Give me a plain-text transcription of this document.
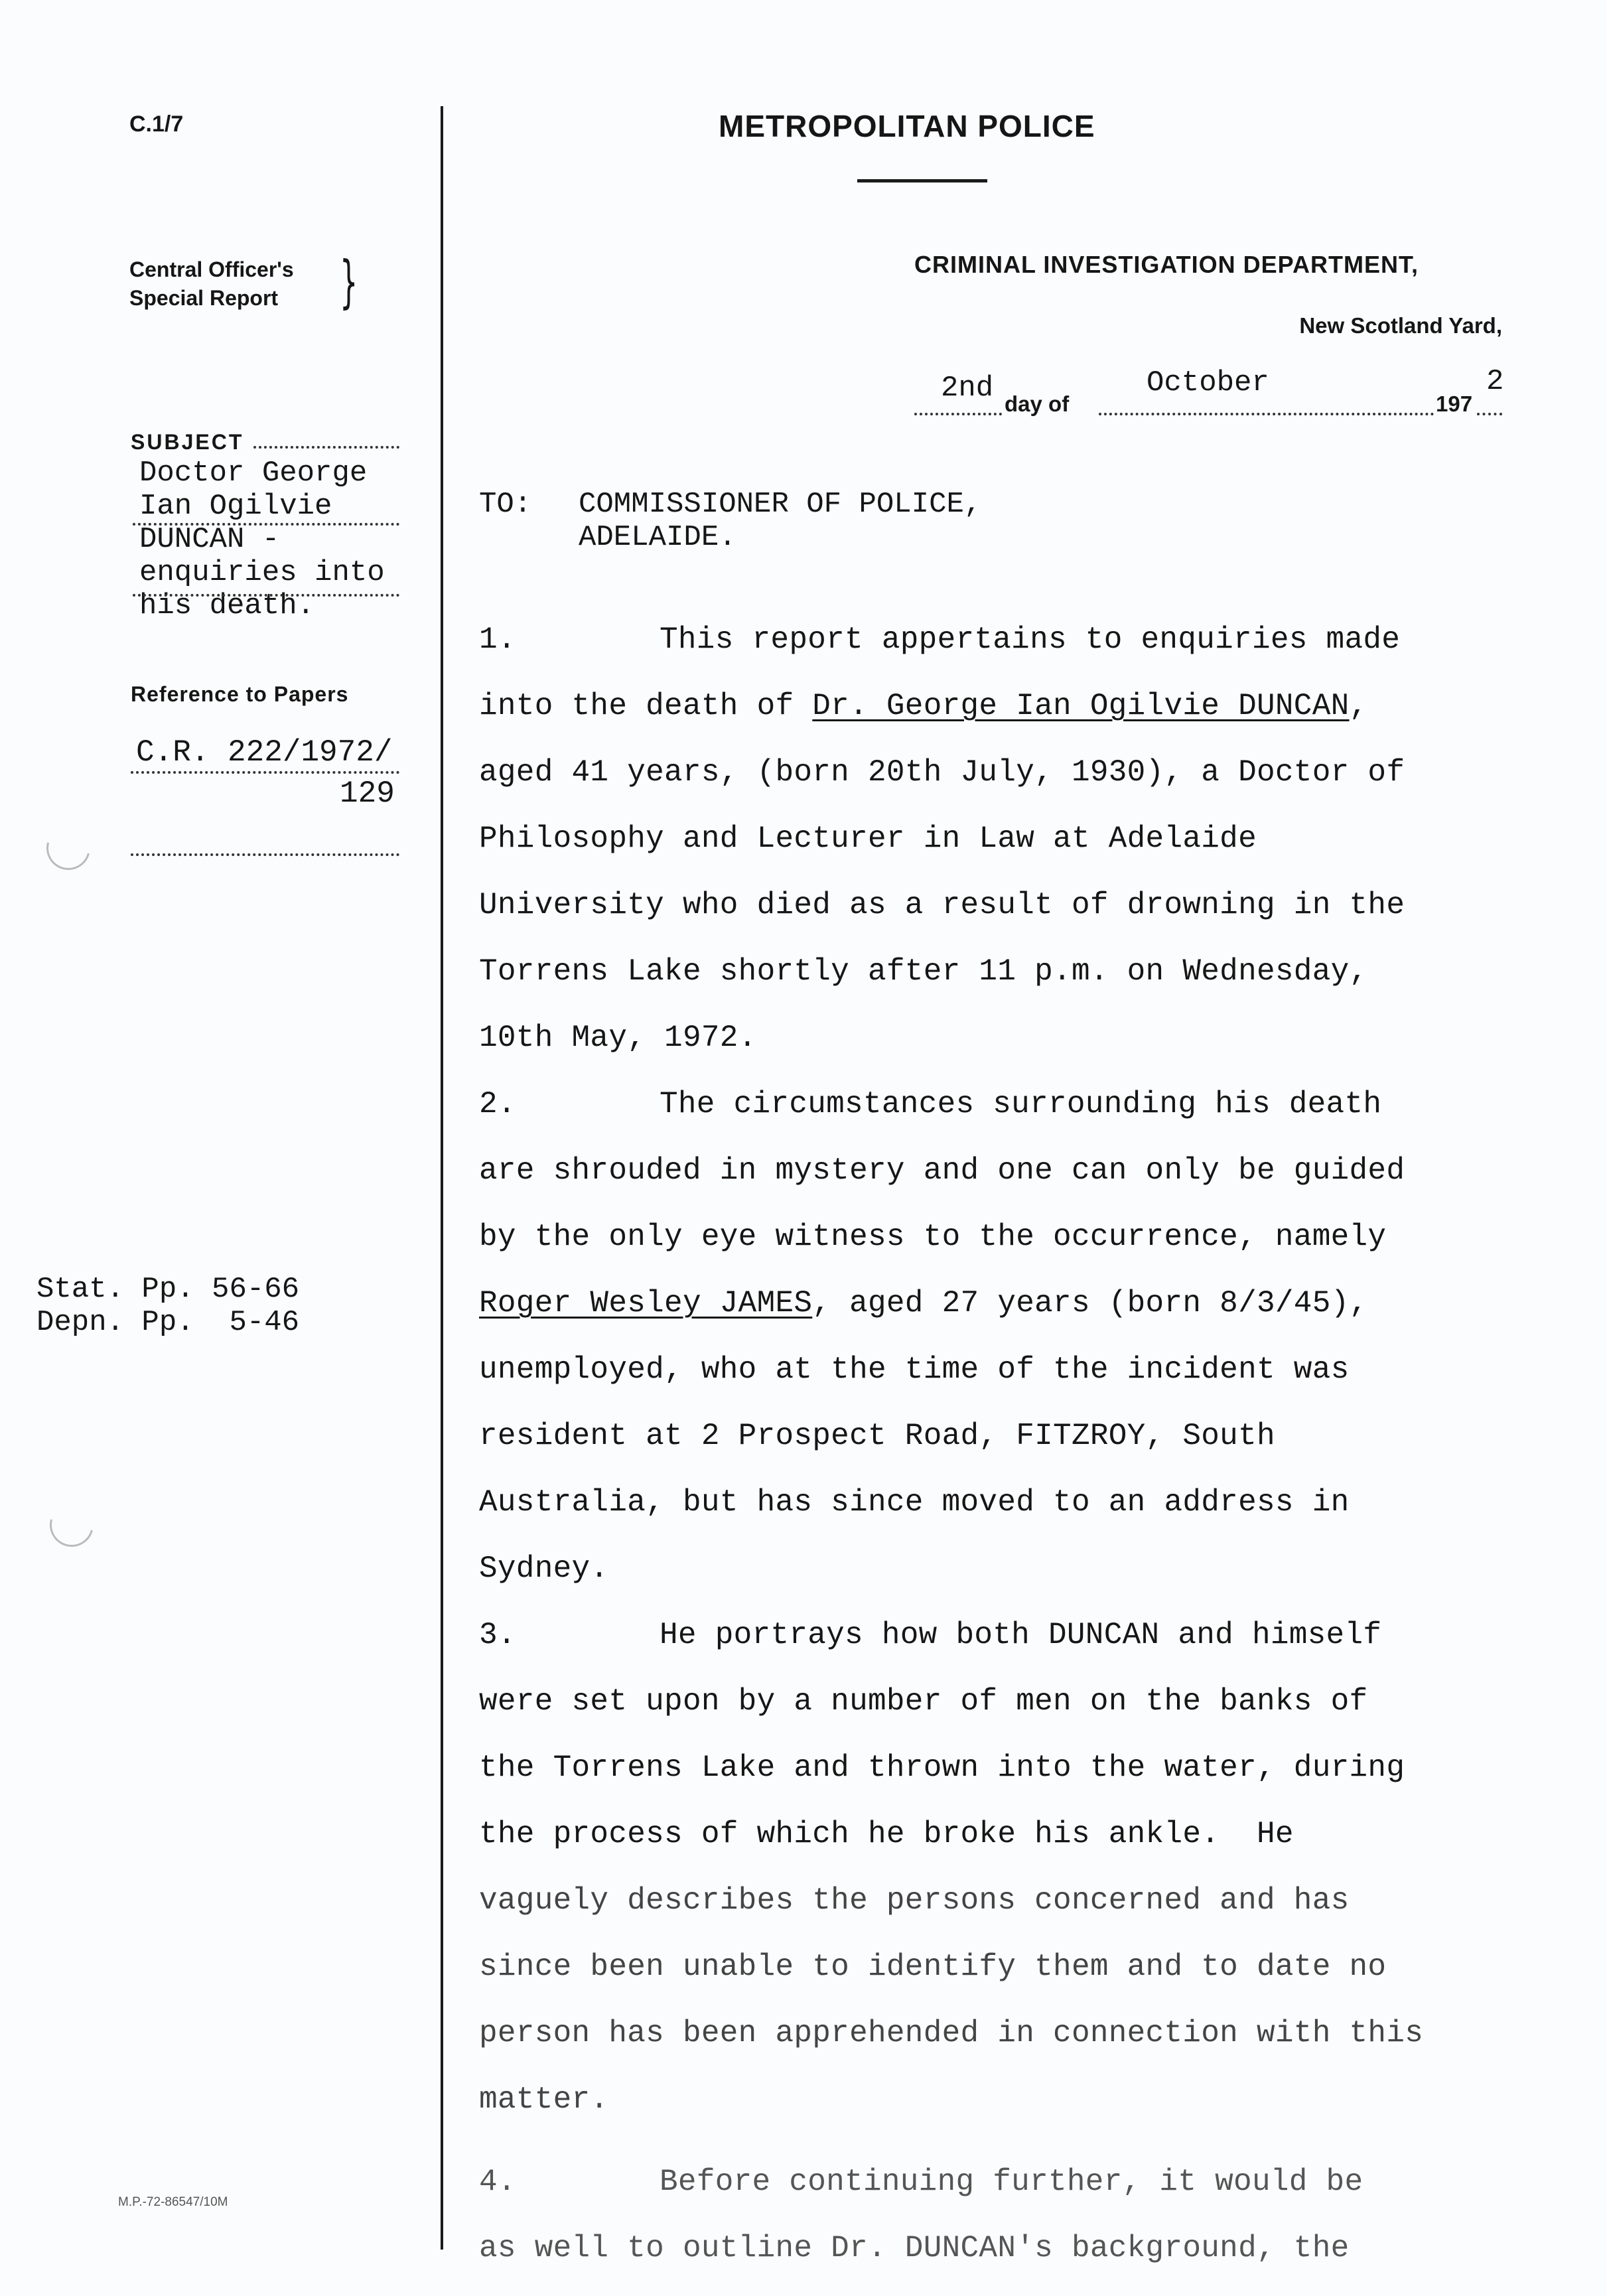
C.1/7	METROPOLITAN POLICE
Central Officer's
Special Report }	CRIMINAL INVESTIGATION DEPARTMENT,
New Scotland Yard,
2nd day of
October
197
2
SUBJECT
Doctor George
Ian Ogilvie
DUNCAN -
enquiries into
his death.
Reference to Papers
C.R. 222/1972/
129
Stat. Pp. 56-66
Depn. Pp.  5-46
M.P.-72-86547/10M
TO: COMMISSIONER OF POLICE,
ADELAIDE.
1.	This report appertains to enquiries made
into the death of Dr. George Ian Ogilvie DUNCAN,
aged 41 years, (born 20th July, 1930), a Doctor of
Philosophy and Lecturer in Law at Adelaide
University who died as a result of drowning in the
Torrens Lake shortly after 11 p.m. on Wednesday,
10th May, 1972.
2.	The circumstances surrounding his death
are shrouded in mystery and one can only be guided
by the only eye witness to the occurrence, namely
Roger Wesley JAMES, aged 27 years (born 8/3/45),
unemployed, who at the time of the incident was
resident at 2 Prospect Road, FITZROY, South
Australia, but has since moved to an address in
Sydney.
3.	He portrays how both DUNCAN and himself
were set upon by a number of men on the banks of
the Torrens Lake and thrown into the water, during
the process of which he broke his ankle.  He
vaguely describes the persons concerned and has
since been unable to identify them and to date no
person has been apprehended in connection with this
matter.
4.	Before continuing further, it would be
as well to outline Dr. DUNCAN's background, the
